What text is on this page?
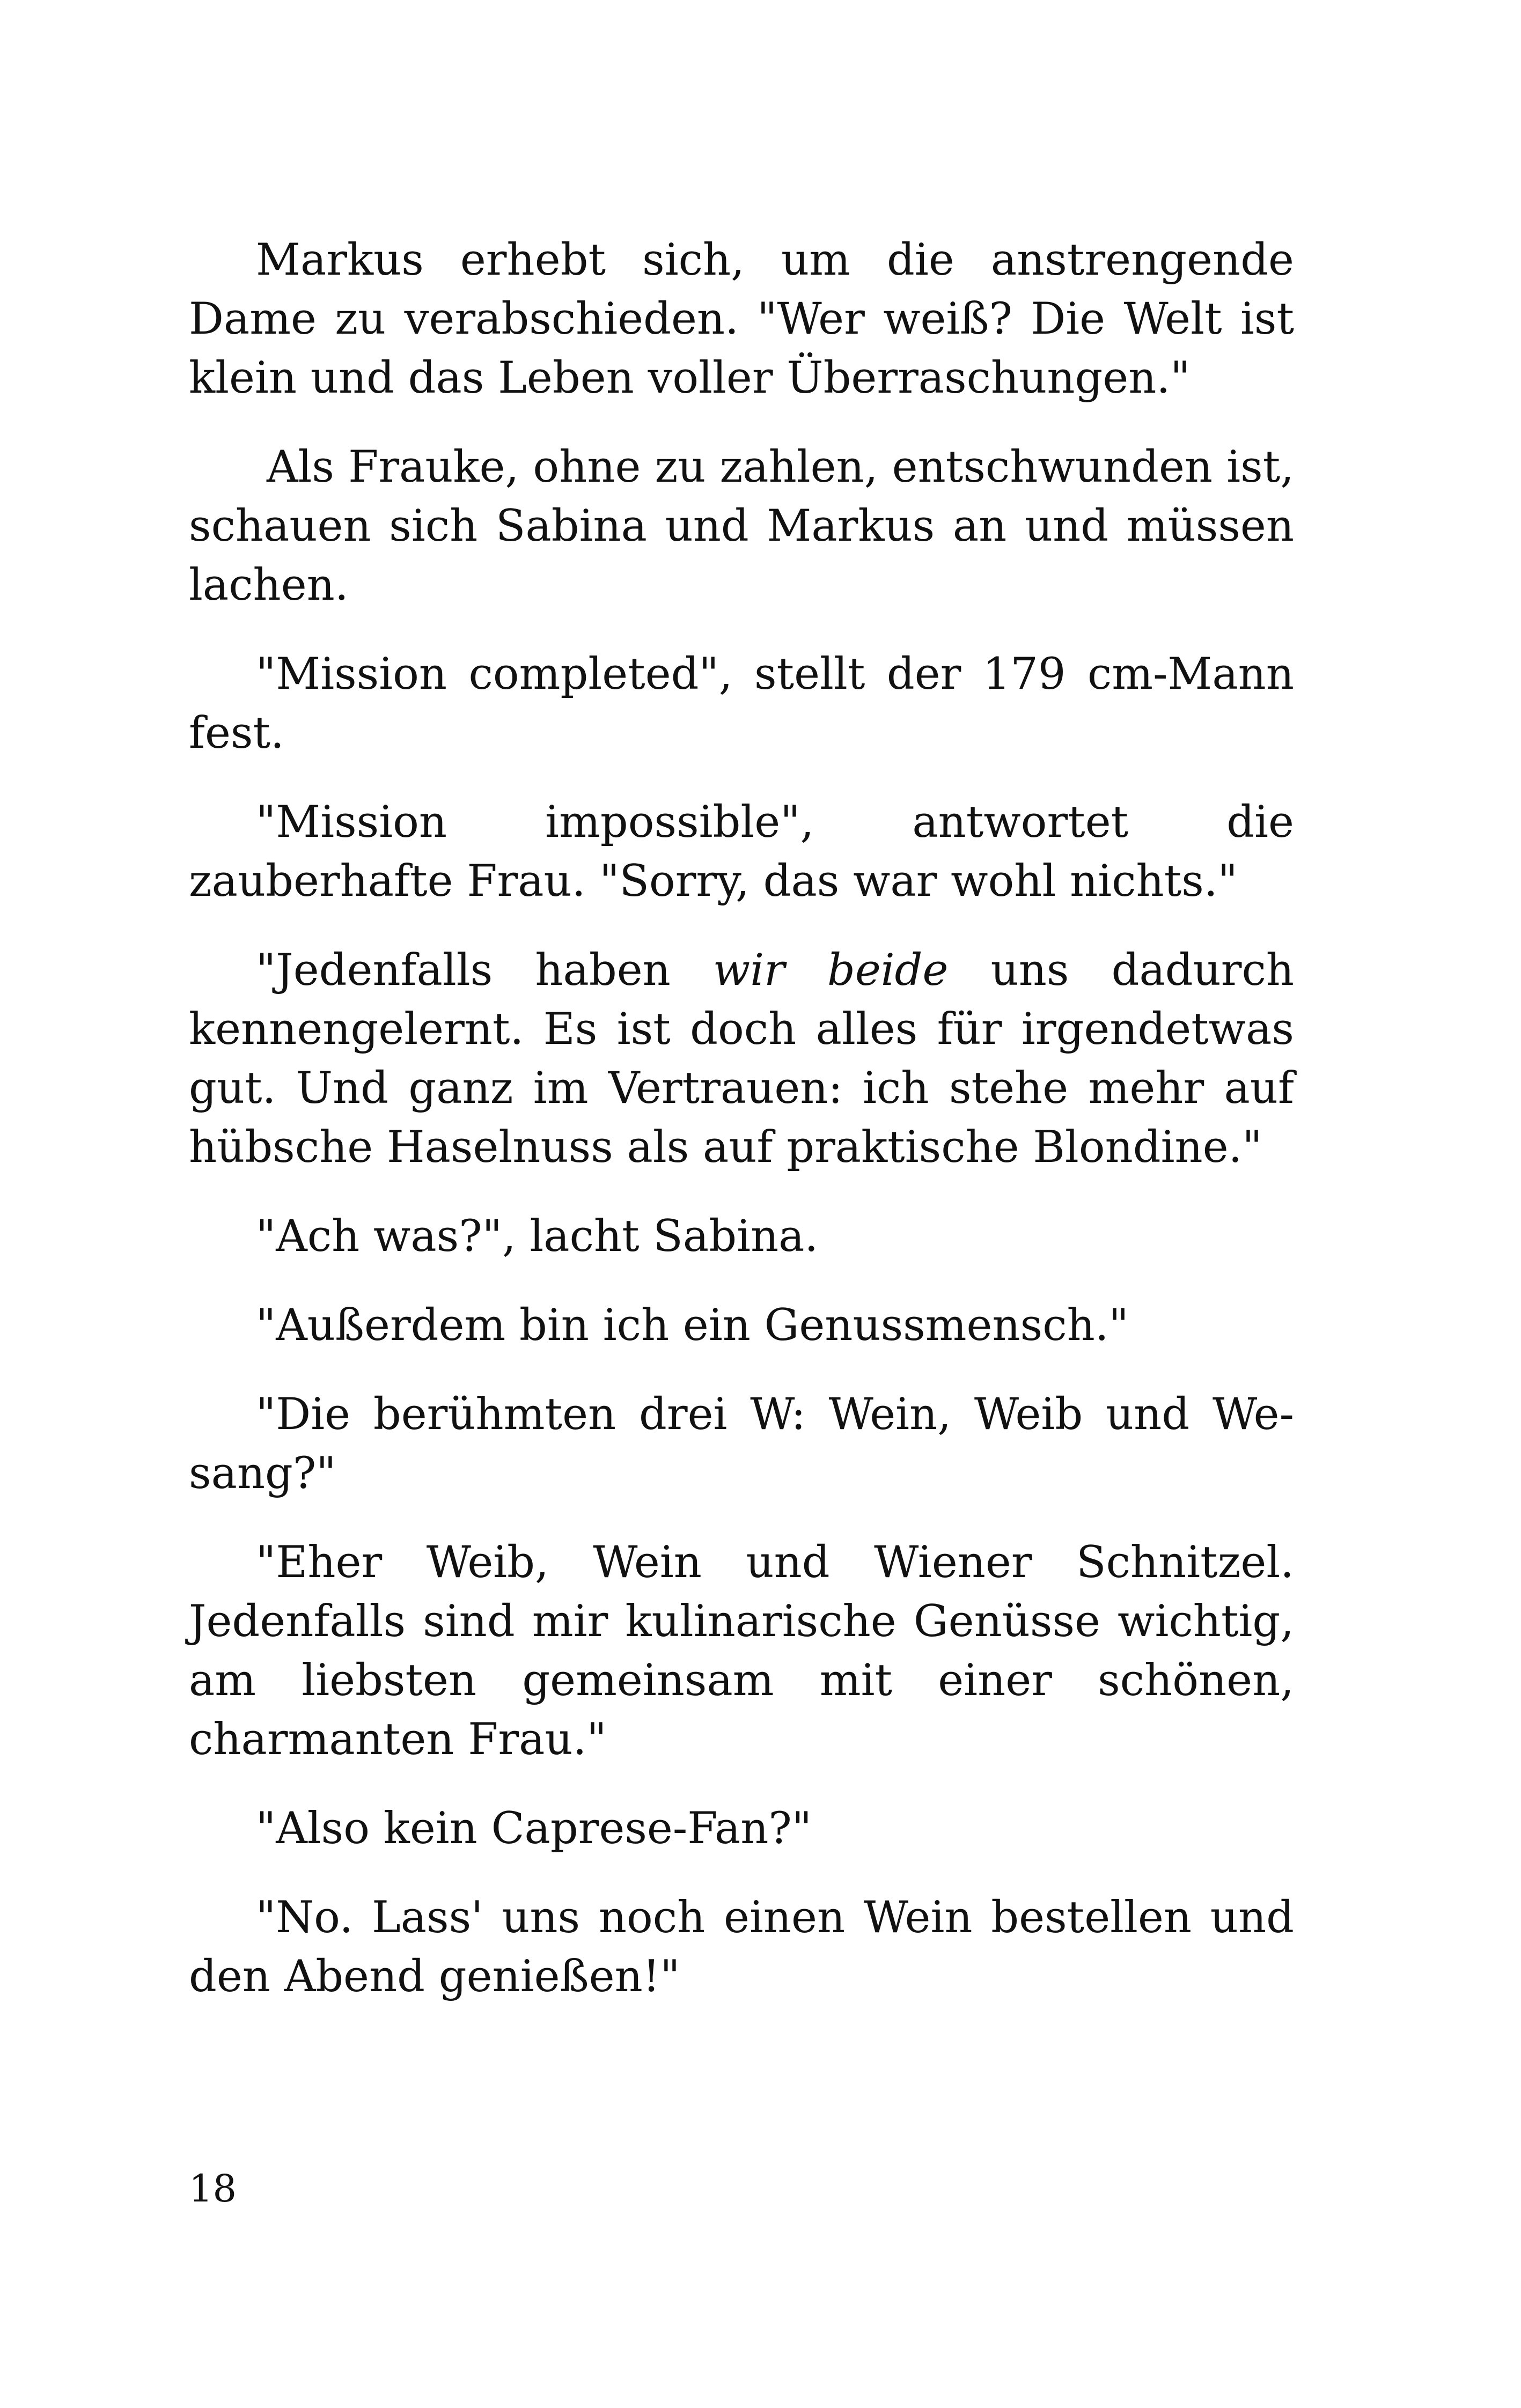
Markus erhebt sich, um die anstrengende Dame zu verabschieden. "Wer weiß? Die Welt ist klein und das Leben voller Überraschungen."

Als Frauke, ohne zu zahlen, entschwunden ist, schauen sich Sabina und Markus an und müssen lachen.

"Mission completed", stellt der 179 cm-Mann fest.

"Mission impossible", antwortet die zauberhafte Frau. "Sorry, das war wohl nichts."

"Jedenfalls haben wir beide uns dadurch kennengelernt. Es ist doch alles für irgendetwas gut. Und ganz im Vertrauen: ich stehe mehr auf hübsche Haselnuss als auf praktische Blondine."

"Ach was?", lacht Sabina.

"Außerdem bin ich ein Genussmensch."

"Die berühmten drei W: Wein, Weib und Wesang?"

"Eher Weib, Wein und Wiener Schnitzel. Jedenfalls sind mir kulinarische Genüsse wichtig, am liebsten gemeinsam mit einer schönen, charmanten Frau."

"Also kein Caprese-Fan?"

"No. Lass' uns noch einen Wein bestellen und den Abend genießen!"

18
